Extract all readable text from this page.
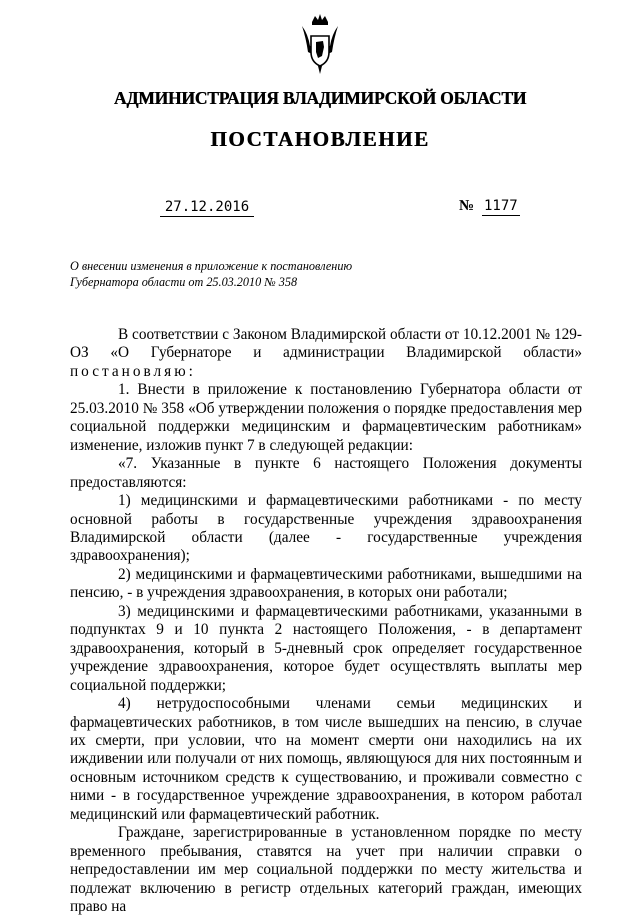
АДМИНИСТРАЦИЯ ВЛАДИМИРСКОЙ ОБЛАСТИ
ПОСТАНОВЛЕНИЕ
27.12.2016	№ 1177
О внесении изменения в приложение к постановлению
Губернатора области от 25.03.2010 № 358

В соответствии с Законом Владимирской области от 10.12.2001 № 129-ОЗ «О Губернаторе и администрации Владимирской области» постановляю:

1. Внести в приложение к постановлению Губернатора области от 25.03.2010 № 358 «Об утверждении положения о порядке предоставления мер социальной поддержки медицинским и фармацевтическим работникам» изменение, изложив пункт 7 в следующей редакции:

«7. Указанные в пункте 6 настоящего Положения документы предоставляются:

1) медицинскими и фармацевтическими работниками - по месту основной работы в государственные учреждения здравоохранения Владимирской области (далее - государственные учреждения здравоохранения);

2) медицинскими и фармацевтическими работниками, вышедшими на пенсию, - в учреждения здравоохранения, в которых они работали;

3) медицинскими и фармацевтическими работниками, указанными в подпунктах 9 и 10 пункта 2 настоящего Положения, - в департамент здравоохранения, который в 5-дневный срок определяет государственное учреждение здравоохранения, которое будет осуществлять выплаты мер социальной поддержки;

4) нетрудоспособными членами семьи медицинских и фармацевтических работников, в том числе вышедших на пенсию, в случае их смерти, при условии, что на момент смерти они находились на их иждивении или получали от них помощь, являющуюся для них постоянным и основным источником средств к существованию, и проживали совместно с ними - в государственное учреждение здравоохранения, в котором работал медицинский или фармацевтический работник.

Граждане, зарегистрированные в установленном порядке по месту временного пребывания, ставятся на учет при наличии справки о непредоставлении им мер социальной поддержки по месту жительства и подлежат включению в регистр отдельных категорий граждан, имеющих право на
